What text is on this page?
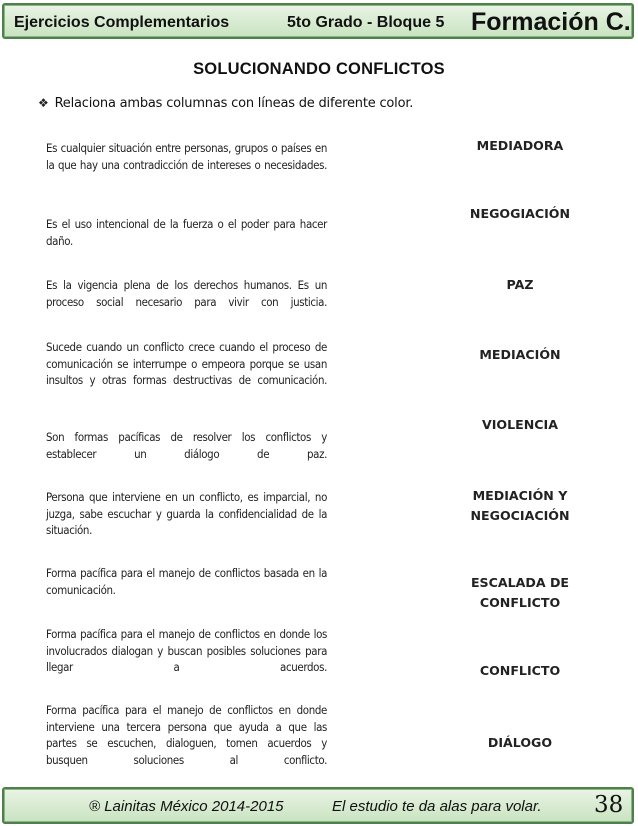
Ejercicios Complementarios	5to Grado - Bloque 5 Formación C.
SOLUCIONANDO CONFLICTOS
❖ Relaciona ambas columnas con líneas de diferente color.
Es cualquier situación entre personas, grupos o países en la que hay una contradicción de intereses o necesidades.
Es el uso intencional de la fuerza o el poder para hacer daño.
Es la vigencia plena de los derechos humanos. Es un proceso social necesario para vivir con justicia.
Sucede cuando un conflicto crece cuando el proceso de comunicación se interrumpe o empeora porque se usan insultos y otras formas destructivas de comunicación.
Son formas pacíficas de resolver los conflictos y establecer un diálogo de paz.
Persona que interviene en un conflicto, es imparcial, no juzga, sabe escuchar y guarda la confidencialidad de la situación.
Forma pacífica para el manejo de conflictos basada en la comunicación.
Forma pacífica para el manejo de conflictos en donde los involucrados dialogan y buscan posibles soluciones para llegar a acuerdos.
Forma pacífica para el manejo de conflictos en donde interviene una tercera persona que ayuda a que las partes se escuchen, dialoguen, tomen acuerdos y busquen soluciones al conflicto.
MEDIADORA
NEGOGIACIÓN
PAZ
MEDIACIÓN
VIOLENCIA
MEDIACIÓN Y NEGOCIACIÓN
ESCALADA DE CONFLICTO
CONFLICTO
DIÁLOGO
® Lainitas México 2014-2015	El estudio te da alas para volar. 38
